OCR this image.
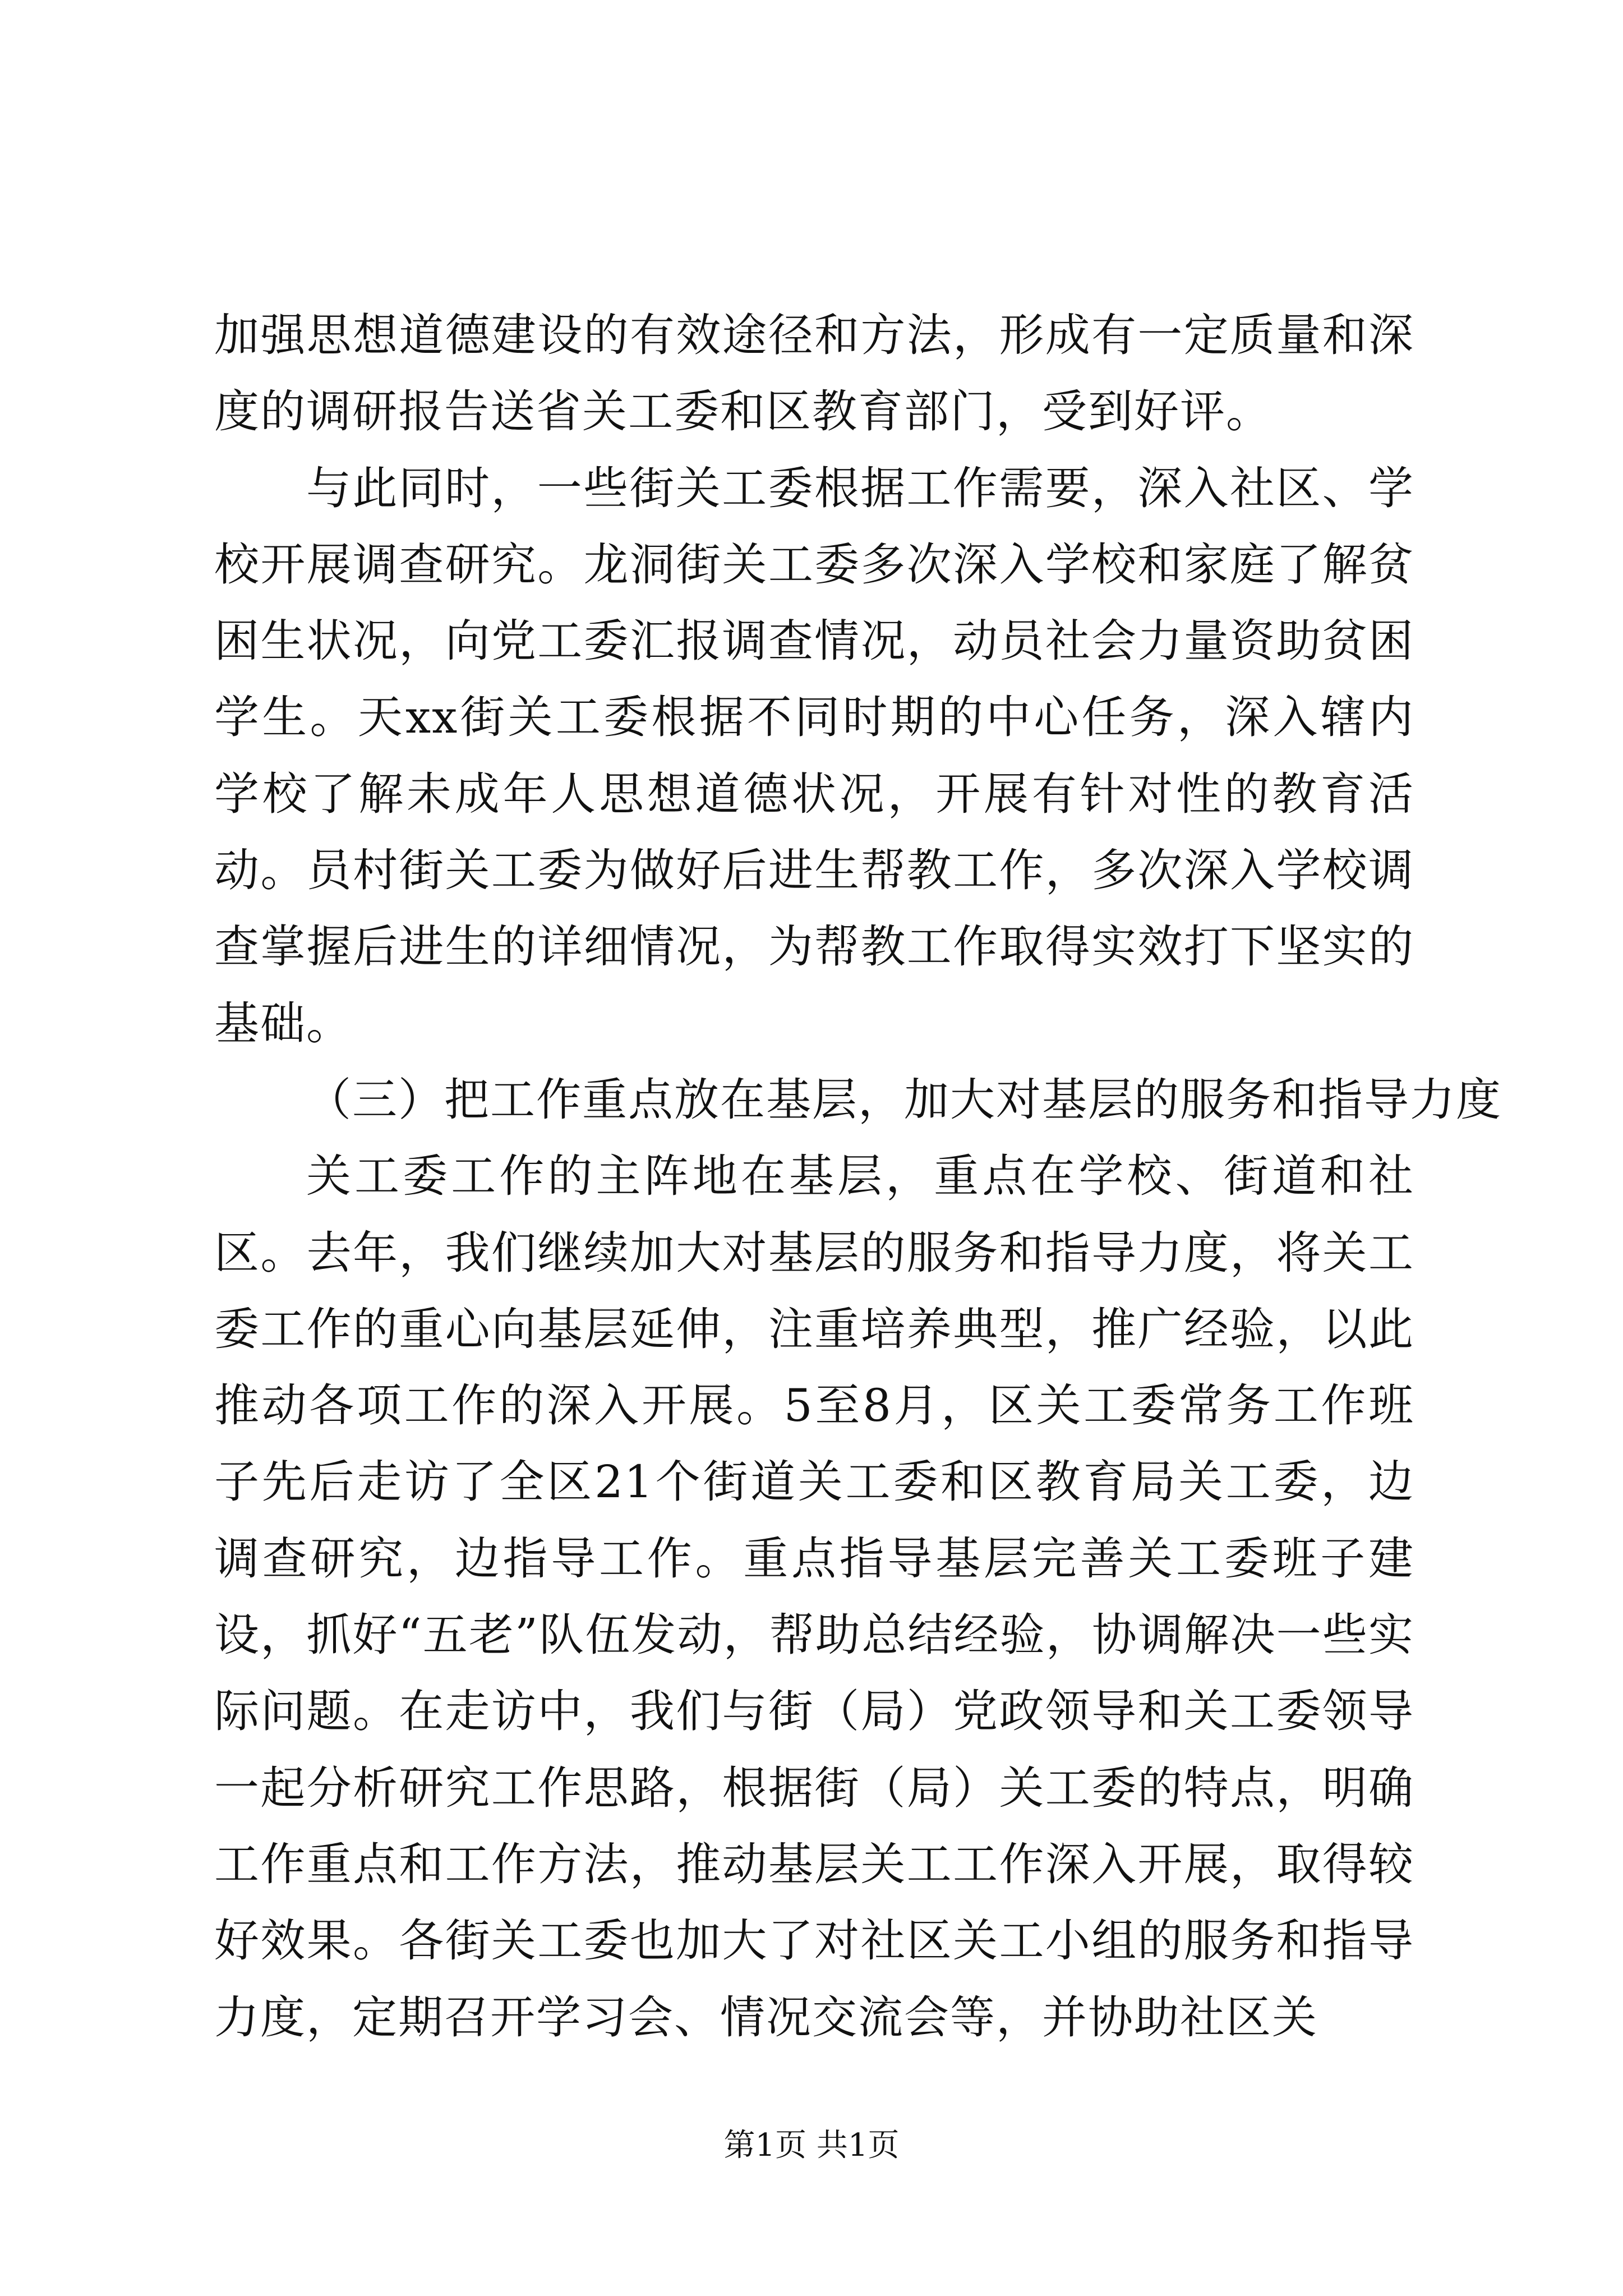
加强思想道德建设的有效途径和方法，形成有一定质量和深度的调研报告送省关工委和区教育部门，受到好评。

与此同时，一些街关工委根据工作需要，深入社区、学校开展调查研究。龙洞街关工委多次深入学校和家庭了解贫困生状况，向党工委汇报调查情况，动员社会力量资助贫困学生。天xx街关工委根据不同时期的中心任务，深入辖内学校了解未成年人思想道德状况，开展有针对性的教育活动。员村街关工委为做好后进生帮教工作，多次深入学校调查掌握后进生的详细情况，为帮教工作取得实效打下坚实的基础。

（三）把工作重点放在基层，加大对基层的服务和指导力度

关工委工作的主阵地在基层，重点在学校、街道和社区。去年，我们继续加大对基层的服务和指导力度，将关工委工作的重心向基层延伸，注重培养典型，推广经验，以此推动各项工作的深入开展。5至8月，区关工委常务工作班子先后走访了全区21个街道关工委和区教育局关工委，边调查研究，边指导工作。重点指导基层完善关工委班子建设，抓好“五老”队伍发动，帮助总结经验，协调解决一些实际问题。在走访中，我们与街（局）党政领导和关工委领导一起分析研究工作思路，根据街（局）关工委的特点，明确工作重点和工作方法，推动基层关工工作深入开展，取得较好效果。各街关工委也加大了对社区关工小组的服务和指导力度，定期召开学习会、情况交流会等，并协助社区关

第1页 共1页
